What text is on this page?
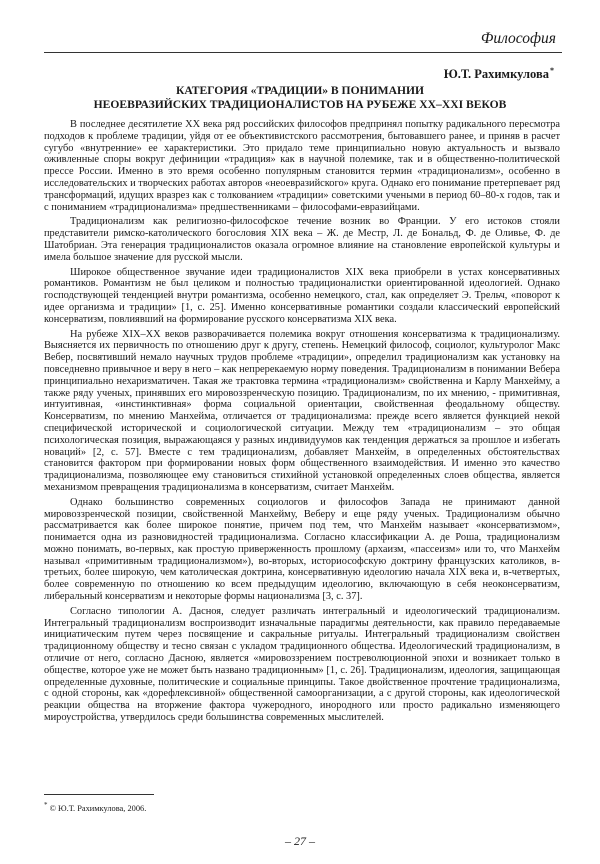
Философия
Ю.Т. Рахимкулова*
КАТЕГОРИЯ «ТРАДИЦИИ» В ПОНИМАНИИ
НЕОЕВРАЗИЙСКИХ ТРАДИЦИОНАЛИСТОВ НА РУБЕЖЕ XX–XXI ВЕКОВ

В последнее десятилетие XX века ряд российских философов предпринял попытку радикального пересмотра подходов к проблеме традиции, уйдя от ее объективистского рассмотрения, бытовавшего ранее, и приняв в расчет сугубо «внутренние» ее характеристики. Это придало теме принципиально новую актуальность и вызвало оживленные споры вокруг дефиниции «традиция» как в научной полемике, так и в общественно-политической прессе России. Именно в это время особенно популярным становится термин «традиционализм», особенно в исследовательских и творческих работах авторов «неоевразийского» круга. Однако его понимание претерпевает ряд трансформаций, идущих вразрез как с толкованием «традиции» советскими учеными в период 60–80-х годов, так и с пониманием «традиционализма» предшественниками – философами-евразийцами.

Традиционализм как религиозно-философское течение возник во Франции. У его истоков стояли представители римско-католического богословия XIX века – Ж. де Местр, Л. де Бональд, Ф. де Оливье, Ф. де Шатобриан. Эта генерация традиционалистов оказала огромное влияние на становление европейской культуры и имела большое значение для русской мысли.

Широкое общественное звучание идеи традиционалистов XIX века приобрели в устах консервативных романтиков. Романтизм не был целиком и полностью традиционалистки ориентированной идеологией. Однако господствующей тенденцией внутри романтизма, особенно немецкого, стал, как определяет Э. Трельч, «поворот к идее организма и традиции» [1, с. 25]. Именно консервативные романтики создали классический европейский консерватизм, повлиявший на формирование русского консерватизма XIX века.

На рубеже XIX–XX веков разворачивается полемика вокруг отношения консерватизма к традиционализму. Выясняется их первичность по отношению друг к другу, степень. Немецкий философ, социолог, культуролог Макс Вебер, посвятивший немало научных трудов проблеме «традиции», определил традиционализм как установку на повседневно привычное и веру в него – как непререкаемую норму поведения. Традиционализм в понимании Вебера принципиально нехаризматичен. Такая же трактовка термина «традиционализм» свойственна и Карлу Манхейму, а также ряду ученых, принявших его мировоззренческую позицию. Традиционализм, по их мнению, - примитивная, интуитивная, «инстинктивная» форма социальной ориентации, свойственная феодальному обществу. Консерватизм, по мнению Манхейма, отличается от традиционализма: прежде всего является функцией некой специфической исторической и социологической ситуации. Между тем «традиционализм – это общая психологическая позиция, выражающаяся у разных индивидуумов как тенденция держаться за прошлое и избегать новаций» [2, с. 57]. Вместе с тем традиционализм, добавляет Манхейм, в определенных обстоятельствах становится фактором при формировании новых форм общественного взаимодействия. И именно это качество традиционализма, позволяющее ему становиться стихийной установкой определенных слоев общества, является механизмом превращения традиционализма в консерватизм, считает Манхейм.

Однако большинство современных социологов и философов Запада не принимают данной мировоззренческой позиции, свойственной Манхейму, Веберу и еще ряду ученых. Традиционализм обычно рассматривается как более широкое понятие, причем под тем, что Манхейм называет «консерватизмом», понимается одна из разновидностей традиционализма. Согласно классификации А. де Роша, традиционализм можно понимать, во-первых, как простую приверженность прошлому (архаизм, «пассеизм» или то, что Манхейм называл «примитивным традиционализмом»), во-вторых, историософскую доктрину французских католиков, в-третьих, более широкую, чем католическая доктрина, консервативную идеологию начала XIX века и, в-четвертых, более современную по отношению ко всем предыдущим идеологию, включающую в себя неоконсерватизм, либеральный консерватизм и некоторые формы национализма [3, с. 37].

Согласно типологии А. Дасноя, следует различать интегральный и идеологический традиционализм. Интегральный традиционализм воспроизводит изначальные парадигмы деятельности, как правило передаваемые инициатическим путем через посвящение и сакральные ритуалы. Интегральный традиционализм свойствен традиционному обществу и тесно связан с укладом традиционного общества. Идеологический традиционализм, в отличие от него, согласно Дасною, является «мировоззрением постреволюционной эпохи и возникает только в обществе, которое уже не может быть названо традиционным» [1, с. 26]. Традиционализм, идеология, защищающая определенные духовные, политические и социальные принципы. Такое двойственное прочтение традиционализма, с одной стороны, как «дорефлексивной» общественной самоорганизации, а с другой стороны, как идеологической реакции общества на вторжение фактора чужеродного, инородного или просто радикально изменяющего мироустройства, утвердилось среди большинства современных мыслителей.

* © Ю.Т. Рахимкулова, 2006.
– 27 –
